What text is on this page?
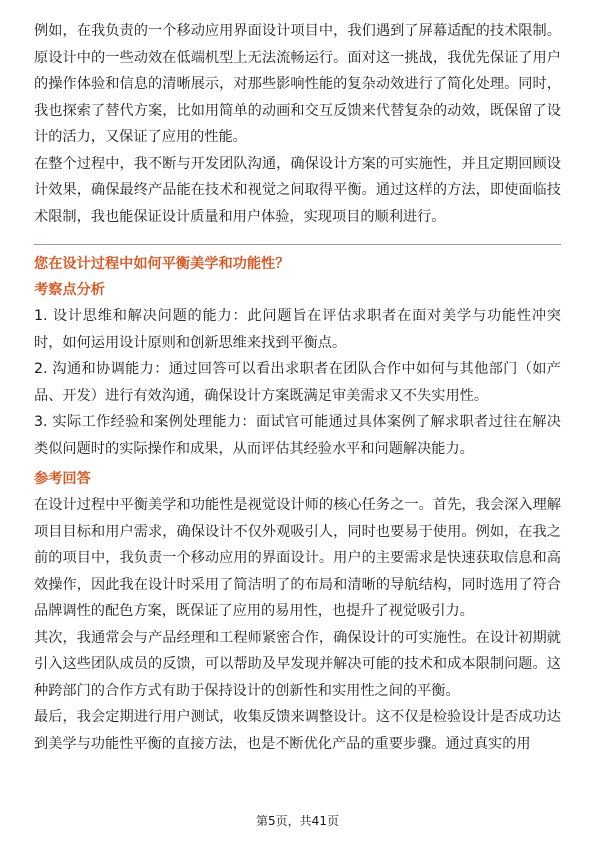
例如，在我负责的一个移动应用界面设计项目中，我们遇到了屏幕适配的技术限制。原设计中的一些动效在低端机型上无法流畅运行。面对这一挑战，我优先保证了用户的操作体验和信息的清晰展示，对那些影响性能的复杂动效进行了简化处理。同时，我也探索了替代方案，比如用简单的动画和交互反馈来代替复杂的动效，既保留了设计的活力，又保证了应用的性能。

在整个过程中，我不断与开发团队沟通，确保设计方案的可实施性，并且定期回顾设计效果，确保最终产品能在技术和视觉之间取得平衡。通过这样的方法，即使面临技术限制，我也能保证设计质量和用户体验，实现项目的顺利进行。

您在设计过程中如何平衡美学和功能性？

考察点分析

1. 设计思维和解决问题的能力：此问题旨在评估求职者在面对美学与功能性冲突时，如何运用设计原则和创新思维来找到平衡点。

2. 沟通和协调能力：通过回答可以看出求职者在团队合作中如何与其他部门（如产品、开发）进行有效沟通，确保设计方案既满足审美需求又不失实用性。

3. 实际工作经验和案例处理能力：面试官可能通过具体案例了解求职者过往在解决类似问题时的实际操作和成果，从而评估其经验水平和问题解决能力。

参考回答

在设计过程中平衡美学和功能性是视觉设计师的核心任务之一。首先，我会深入理解项目目标和用户需求，确保设计不仅外观吸引人，同时也要易于使用。例如，在我之前的项目中，我负责一个移动应用的界面设计。用户的主要需求是快速获取信息和高效操作，因此我在设计时采用了简洁明了的布局和清晰的导航结构，同时选用了符合品牌调性的配色方案，既保证了应用的易用性，也提升了视觉吸引力。

其次，我通常会与产品经理和工程师紧密合作，确保设计的可实施性。在设计初期就引入这些团队成员的反馈，可以帮助及早发现并解决可能的技术和成本限制问题。这种跨部门的合作方式有助于保持设计的创新性和实用性之间的平衡。

最后，我会定期进行用户测试，收集反馈来调整设计。这不仅是检验设计是否成功达到美学与功能性平衡的直接方法，也是不断优化产品的重要步骤。通过真实的用

第5页，共41页
